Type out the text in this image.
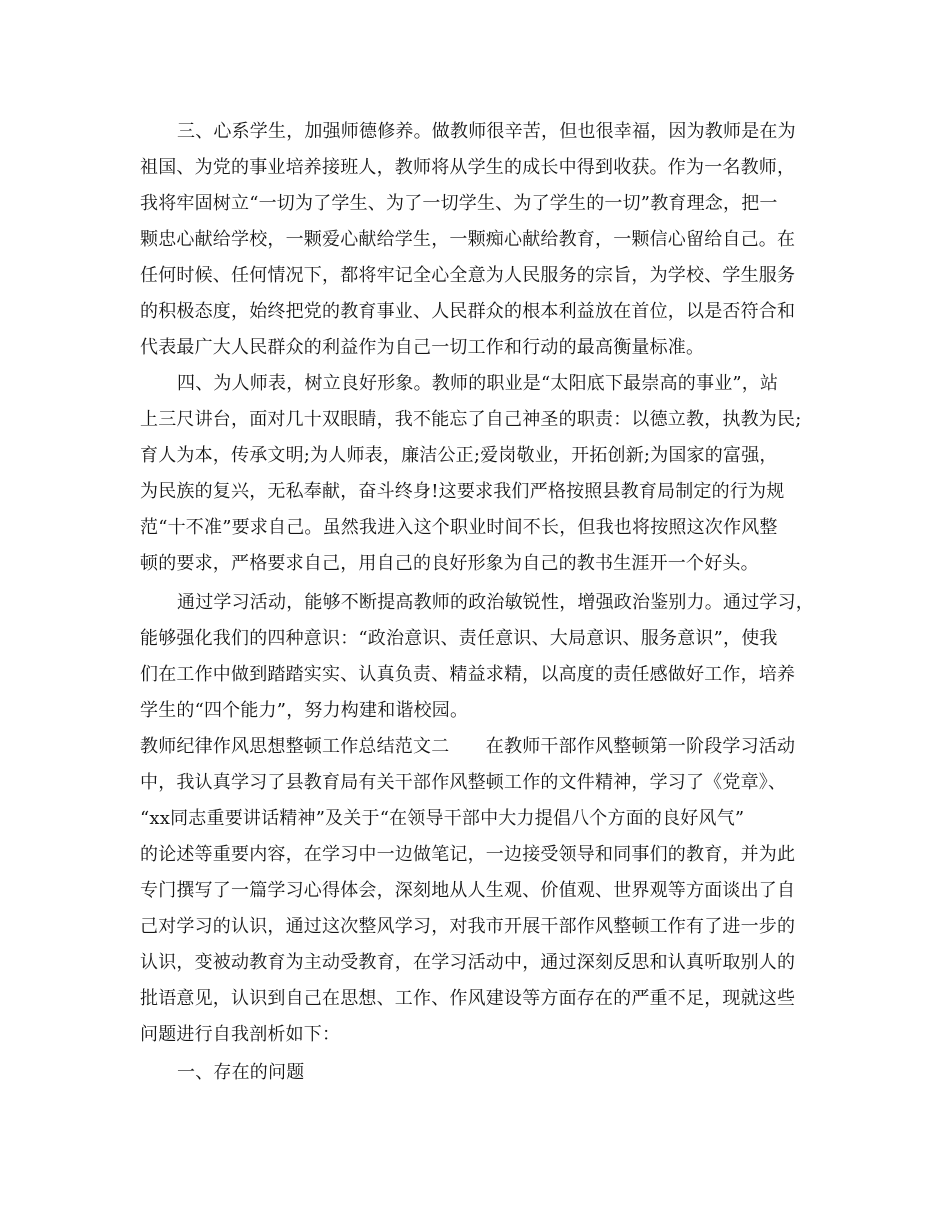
三、心系学生，加强师德修养。做教师很辛苦，但也很幸福，因为教师是在为
祖国、为党的事业培养接班人，教师将从学生的成长中得到收获。作为一名教师，
我将牢固树立“一切为了学生、为了一切学生、为了学生的一切”教育理念，把一
颗忠心献给学校，一颗爱心献给学生，一颗痴心献给教育，一颗信心留给自己。在
任何时候、任何情况下，都将牢记全心全意为人民服务的宗旨，为学校、学生服务
的积极态度，始终把党的教育事业、人民群众的根本利益放在首位，以是否符合和
代表最广大人民群众的利益作为自己一切工作和行动的最高衡量标准。
四、为人师表，树立良好形象。教师的职业是“太阳底下最崇高的事业”，站
上三尺讲台，面对几十双眼睛，我不能忘了自己神圣的职责：以德立教，执教为民;
育人为本，传承文明;为人师表，廉洁公正;爱岗敬业，开拓创新;为国家的富强，
为民族的复兴，无私奉献，奋斗终身!这要求我们严格按照县教育局制定的行为规
范“十不准”要求自己。虽然我进入这个职业时间不长，但我也将按照这次作风整
顿的要求，严格要求自己，用自己的良好形象为自己的教书生涯开一个好头。
通过学习活动，能够不断提高教师的政治敏锐性，增强政治鉴别力。通过学习，
能够强化我们的四种意识：“政治意识、责任意识、大局意识、服务意识”，使我
们在工作中做到踏踏实实、认真负责、精益求精，以高度的责任感做好工作，培养
学生的“四个能力”，努力构建和谐校园。
教师纪律作风思想整顿工作总结范文二　　在教师干部作风整顿第一阶段学习活动
中，我认真学习了县教育局有关干部作风整顿工作的文件精神，学习了《党章》、
“xx同志重要讲话精神”及关于“在领导干部中大力提倡八个方面的良好风气”
的论述等重要内容，在学习中一边做笔记，一边接受领导和同事们的教育，并为此
专门撰写了一篇学习心得体会，深刻地从人生观、价值观、世界观等方面谈出了自
己对学习的认识，通过这次整风学习，对我市开展干部作风整顿工作有了进一步的
认识，变被动教育为主动受教育，在学习活动中，通过深刻反思和认真听取别人的
批语意见，认识到自己在思想、工作、作风建设等方面存在的严重不足，现就这些
问题进行自我剖析如下：
一、存在的问题
